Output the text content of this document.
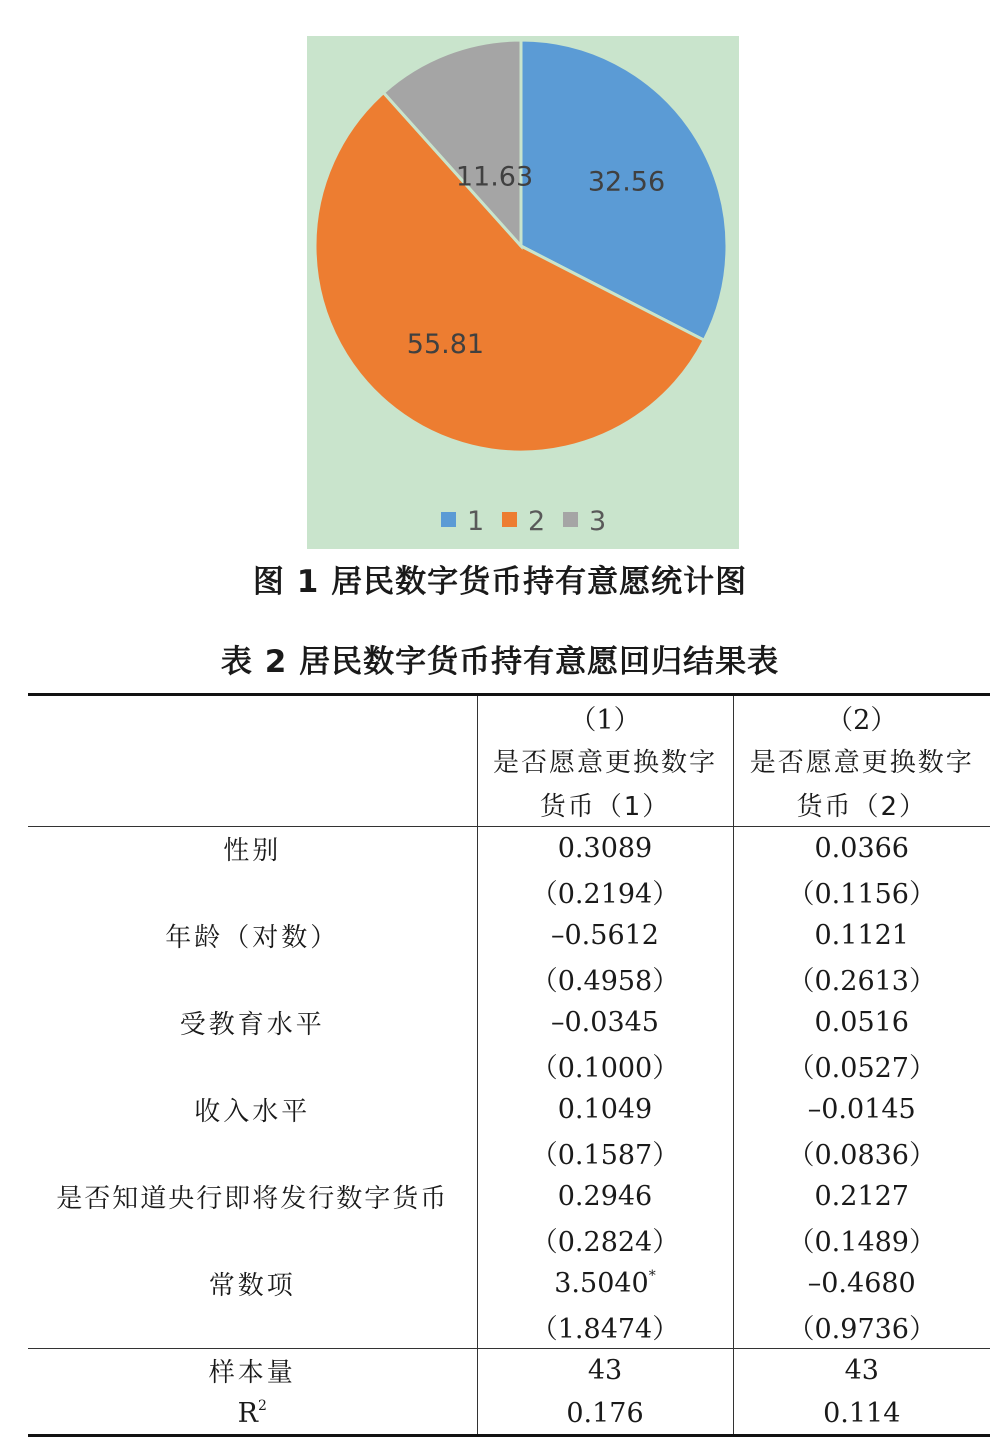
32.56
55.81
11.63
1 2 3
图 1 居民数字货币持有意愿统计图
表 2 居民数字货币持有意愿回归结果表
	（1）	（2）
	是否愿意更换数字	是否愿意更换数字
	货币（1）	货币（2）
性别	0.3089	0.0366
	（0.2194）	（0.1156）
年龄（对数）	–0.5612	0.1121
	（0.4958）	（0.2613）
受教育水平	–0.0345	0.0516
	（0.1000）	（0.0527）
收入水平	0.1049	–0.0145
	（0.1587）	（0.0836）
是否知道央行即将发行数字货币	0.2946	0.2127
	（0.2824）	（0.1489）
常数项	3.5040*	–0.4680
	（1.8474）	（0.9736）
样本量	43	43
$R^2$	0.176	0.114
